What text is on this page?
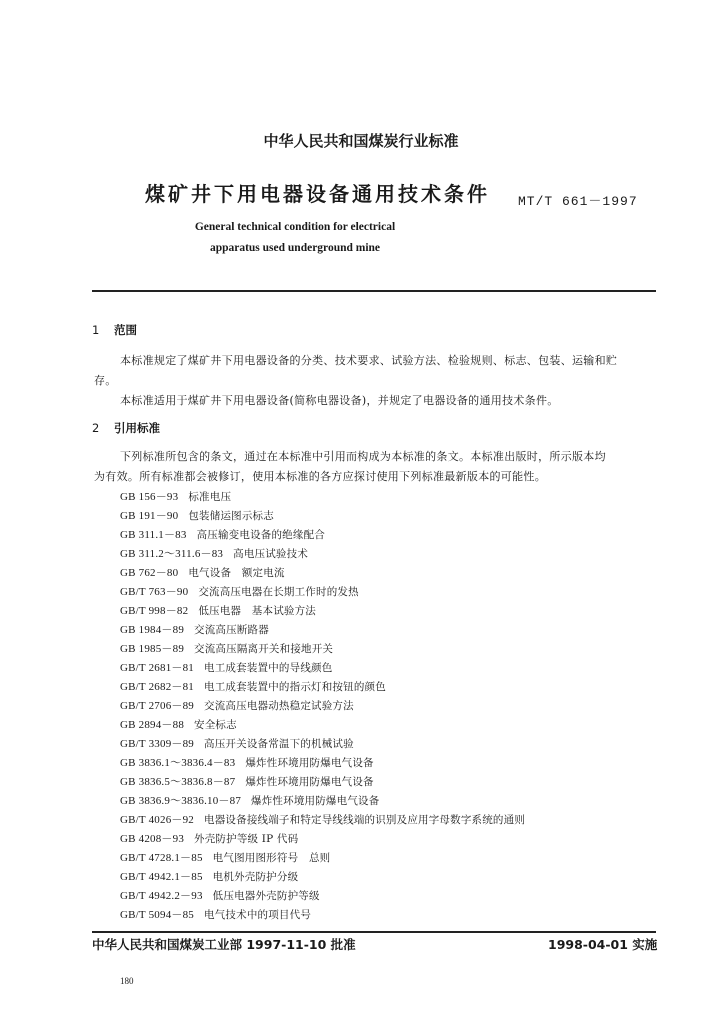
中华人民共和国煤炭行业标准
煤矿井下用电器设备通用技术条件 MT/T 661－1997
General technical condition for electrical
apparatus used underground mine
1 范围
本标准规定了煤矿井下用电器设备的分类、技术要求、试验方法、检验规则、标志、包装、运输和贮
存。
本标准适用于煤矿井下用电器设备(简称电器设备)，并规定了电器设备的通用技术条件。
2 引用标准
下列标准所包含的条文，通过在本标准中引用而构成为本标准的条文。本标准出版时，所示版本均
为有效。所有标准都会被修订，使用本标准的各方应探讨使用下列标准最新版本的可能性。
GB 156－93 标准电压
GB 191－90 包装储运图示标志
GB 311.1－83 高压输变电设备的绝缘配合
GB 311.2～311.6－83 高电压试验技术
GB 762－80 电气设备　额定电流
GB/T 763－90 交流高压电器在长期工作时的发热
GB/T 998－82 低压电器　基本试验方法
GB 1984－89 交流高压断路器
GB 1985－89 交流高压隔离开关和接地开关
GB/T 2681－81 电工成套装置中的导线颜色
GB/T 2682－81 电工成套装置中的指示灯和按钮的颜色
GB/T 2706－89 交流高压电器动热稳定试验方法
GB 2894－88 安全标志
GB/T 3309－89 高压开关设备常温下的机械试验
GB 3836.1～3836.4－83 爆炸性环境用防爆电气设备
GB 3836.5～3836.8－87 爆炸性环境用防爆电气设备
GB 3836.9～3836.10－87 爆炸性环境用防爆电气设备
GB/T 4026－92 电器设备接线端子和特定导线线端的识别及应用字母数字系统的通则
GB 4208－93 外壳防护等级 IP 代码
GB/T 4728.1－85 电气图用图形符号　总则
GB/T 4942.1－85 电机外壳防护分级
GB/T 4942.2－93 低压电器外壳防护等级
GB/T 5094－85 电气技术中的项目代号
中华人民共和国煤炭工业部 1997-11-10 批准	1998-04-01 实施
180
